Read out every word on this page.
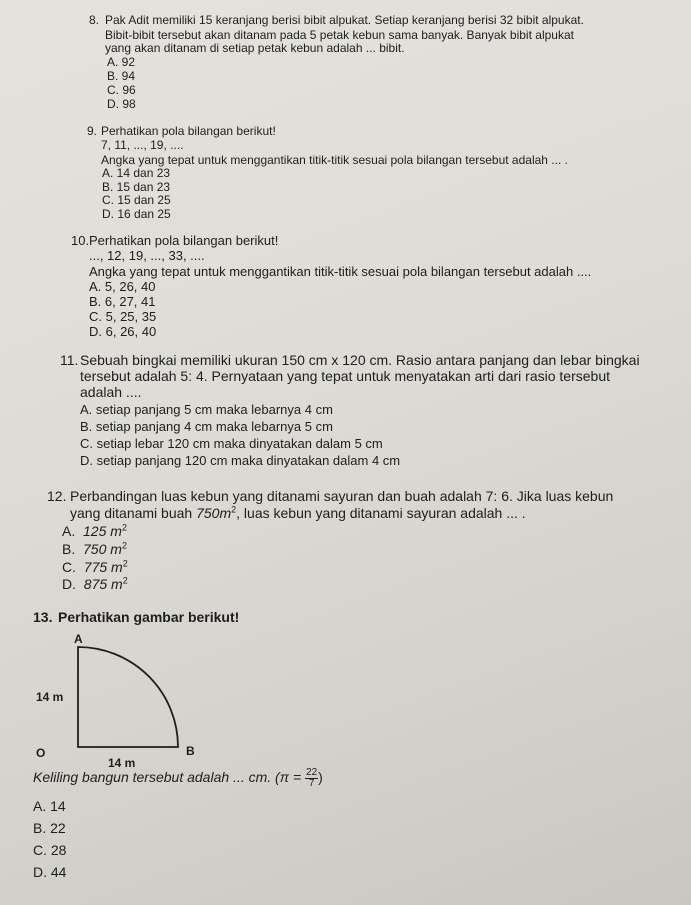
8. Pak Adit memiliki 15 keranjang berisi bibit alpukat. Setiap keranjang berisi 32 bibit alpukat.
Bibit-bibit tersebut akan ditanam pada 5 petak kebun sama banyak. Banyak bibit alpukat
yang akan ditanam di setiap petak kebun adalah ... bibit.
A. 92
B. 94
C. 96
D. 98
9. Perhatikan pola bilangan berikut!
7, 11, ..., 19, ....
Angka yang tepat untuk menggantikan titik-titik sesuai pola bilangan tersebut adalah ... .
A. 14 dan 23
B. 15 dan 23
C. 15 dan 25
D. 16 dan 25
10. Perhatikan pola bilangan berikut!
..., 12, 19, ..., 33, ....
Angka yang tepat untuk menggantikan titik-titik sesuai pola bilangan tersebut adalah ....
A. 5, 26, 40
B. 6, 27, 41
C. 5, 25, 35
D. 6, 26, 40
11. Sebuah bingkai memiliki ukuran 150 cm x 120 cm. Rasio antara panjang dan lebar bingkai
tersebut adalah 5: 4. Pernyataan yang tepat untuk menyatakan arti dari rasio tersebut
adalah ....
A. setiap panjang 5 cm maka lebarnya 4 cm
B. setiap panjang 4 cm maka lebarnya 5 cm
C. setiap lebar 120 cm maka dinyatakan dalam 5 cm
D. setiap panjang 120 cm maka dinyatakan dalam 4 cm
12. Perbandingan luas kebun yang ditanami sayuran dan buah adalah 7: 6. Jika luas kebun
yang ditanami buah $750m^2$, luas kebun yang ditanami sayuran adalah ... .
A. 125 $m^2$
B. 750 $m^2$
C. 775 $m^2$
D. 875 $m^2$
13. Perhatikan gambar berikut!
A
14 m
O
14 m
B
Keliling bangun tersebut adalah ... cm. ($\pi = \frac{22}{7}$ )
A. 14
B. 22
C. 28
D. 44
